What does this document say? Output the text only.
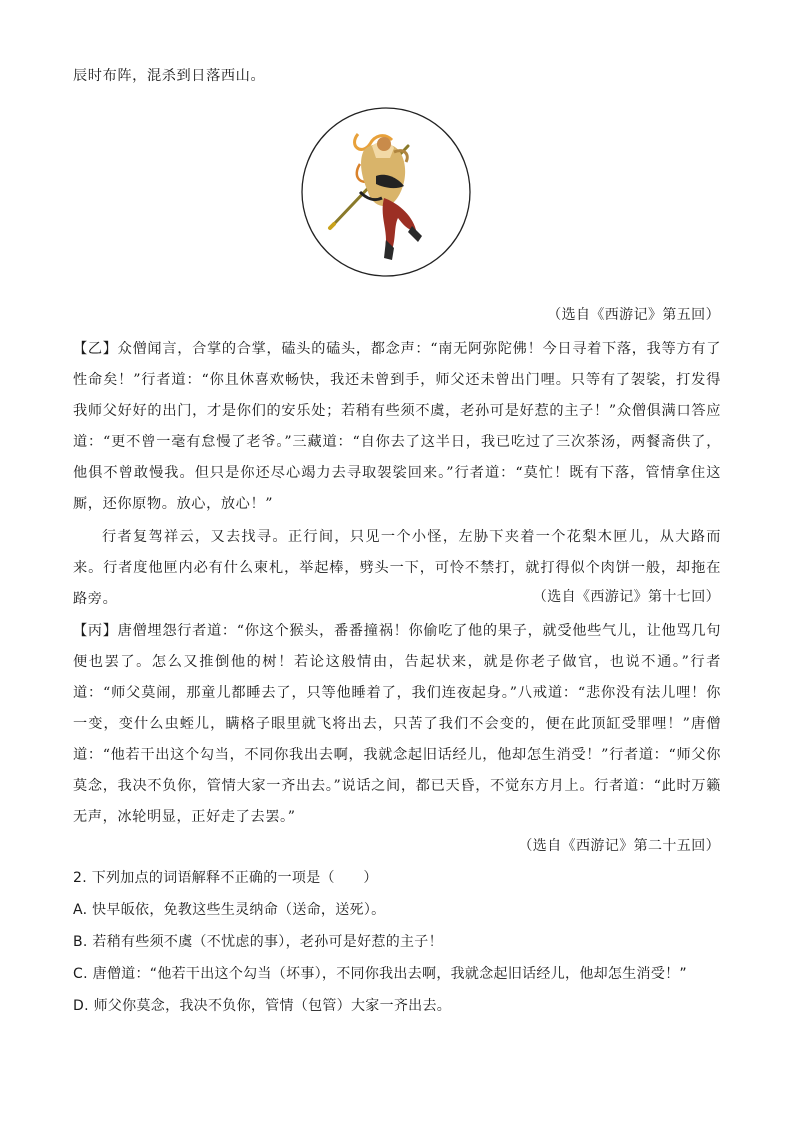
辰时布阵，混杀到日落西山。

（选自《西游记》第五回）

【乙】众僧闻言，合掌的合掌，磕头的磕头，都念声：“南无阿弥陀佛！今日寻着下落，我等方有了性命矣！”行者道：“你且休喜欢畅快，我还未曾到手，师父还未曾出门哩。只等有了袈裟，打发得我师父好好的出门，才是你们的安乐处；若稍有些须不虞，老孙可是好惹的主子！”众僧俱满口答应道：“更不曾一毫有怠慢了老爷。”三藏道：“自你去了这半日，我已吃过了三次茶汤，两餐斋供了，他俱不曾敢慢我。但只是你还尽心竭力去寻取袈裟回来。”行者道：“莫忙！既有下落，管情拿住这厮，还你原物。放心，放心！”

行者复驾祥云，又去找寻。正行间，只见一个小怪，左胁下夹着一个花梨木匣儿，从大路而来。行者度他匣内必有什么柬札，举起棒，劈头一下，可怜不禁打，就打得似个肉饼一般，却拖在路旁。	（选自《西游记》第十七回）

【丙】唐僧埋怨行者道：“你这个猴头，番番撞祸！你偷吃了他的果子，就受他些气儿，让他骂几句便也罢了。怎么又推倒他的树！若论这般情由，告起状来，就是你老子做官，也说不通。”行者道：“师父莫闹，那童儿都睡去了，只等他睡着了，我们连夜起身。”八戒道：“悲你没有法儿哩！你一变，变什么虫蛭儿，瞒格子眼里就飞将出去，只苦了我们不会变的，便在此顶缸受罪哩！”唐僧道：“他若干出这个勾当，不同你我出去啊，我就念起旧话经儿，他却怎生消受！”行者道：“师父你莫念，我决不负你，管情大家一齐出去。”说话之间，都已天昏，不觉东方月上。行者道：“此时万籁无声，冰轮明显，正好走了去罢。”

（选自《西游记》第二十五回）
2. 下列加点的词语解释不正确的一项是（　　）
A. 快早皈依，免教这些生灵纳命（送命，送死）。
B. 若稍有些须不虞（不忧虑的事），老孙可是好惹的主子！
C. 唐僧道：“他若干出这个勾当（坏事），不同你我出去啊，我就念起旧话经儿，他却怎生消受！”
D. 师父你莫念，我决不负你，管情（包管）大家一齐出去。
